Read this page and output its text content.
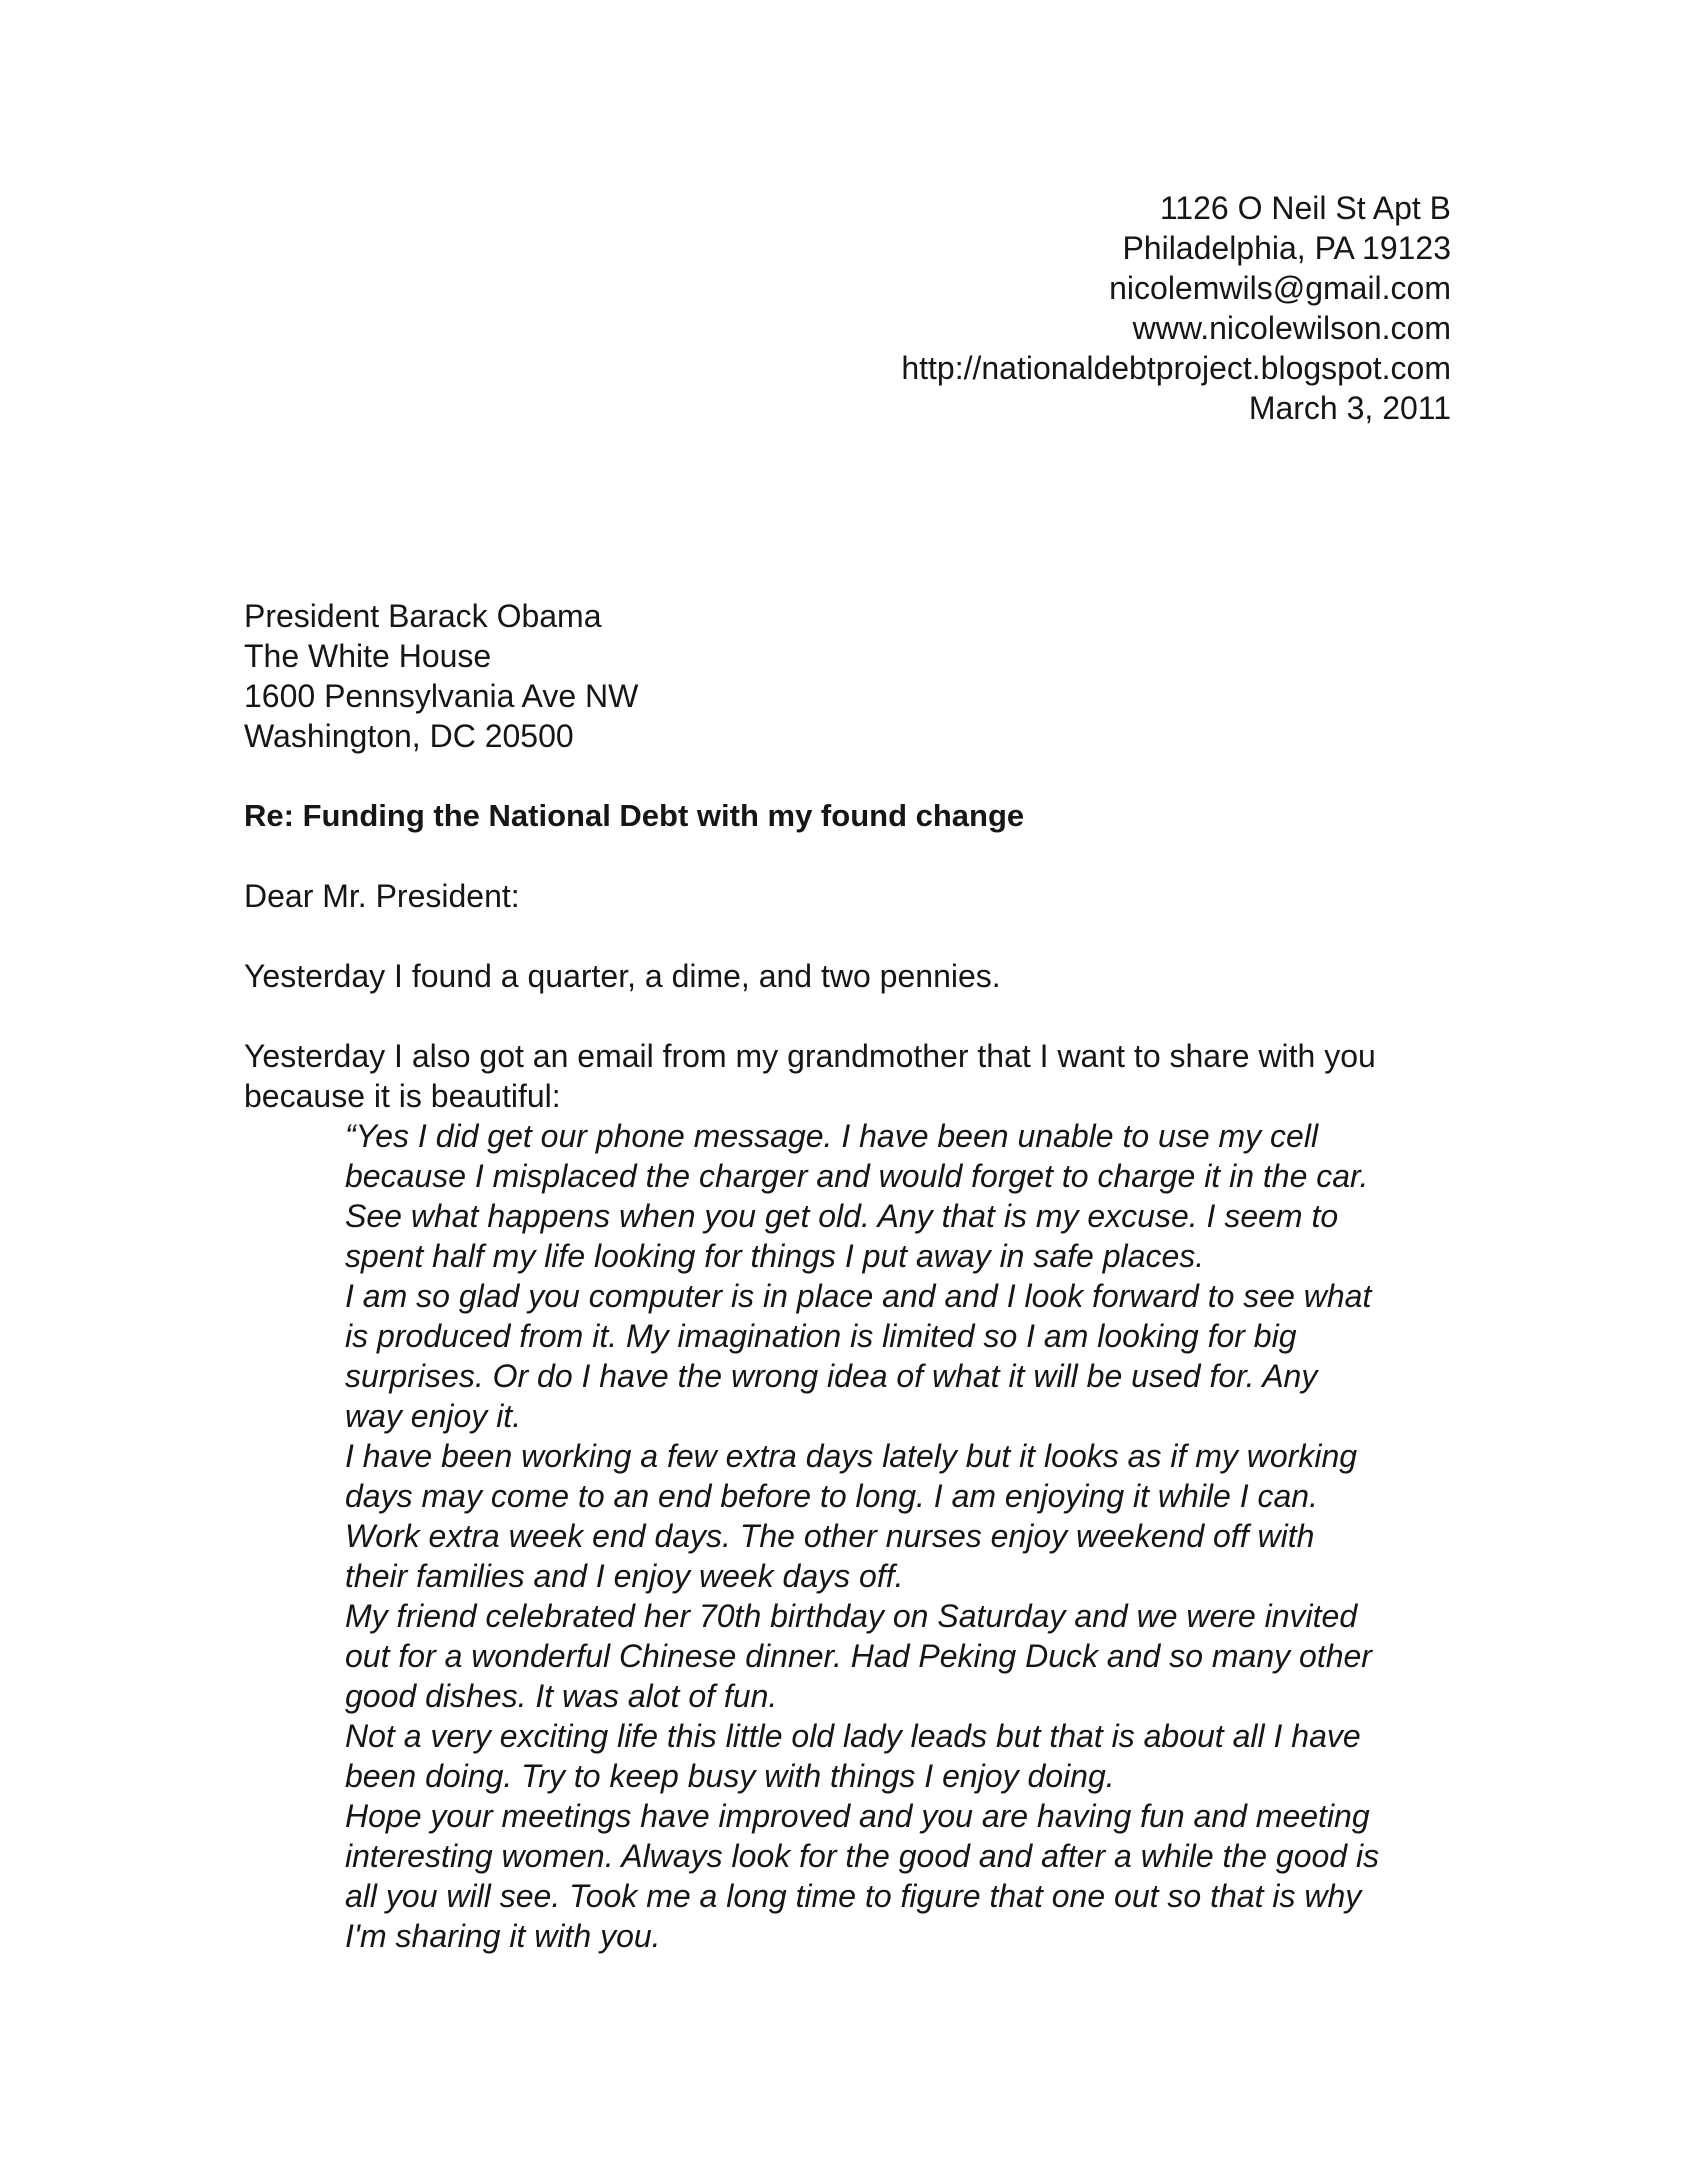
1126 O Neil St Apt B
Philadelphia, PA 19123
nicolemwils@gmail.com
www.nicolewilson.com
http://nationaldebtproject.blogspot.com
March 3, 2011
President Barack Obama
The White House
1600 Pennsylvania Ave NW
Washington, DC 20500
Re: Funding the National Debt with my found change
Dear Mr. President:
Yesterday I found a quarter, a dime, and two pennies.
Yesterday I also got an email from my grandmother that I want to share with you
because it is beautiful:
“Yes I did get our phone message. I have been unable to use my cell
because I misplaced the charger and would forget to charge it in the car.
See what happens when you get old. Any that is my excuse. I seem to
spent half my life looking for things I put away in safe places.
I am so glad you computer is in place and and I look forward to see what
is produced from it. My imagination is limited so I am looking for big
surprises. Or do I have the wrong idea of what it will be used for. Any
way enjoy it.
I have been working a few extra days lately but it looks as if my working
days may come to an end before to long. I am enjoying it while I can.
Work extra week end days. The other nurses enjoy weekend off with
their families and I enjoy week days off.
My friend celebrated her 70th birthday on Saturday and we were invited
out for a wonderful Chinese dinner. Had Peking Duck and so many other
good dishes. It was alot of fun.
Not a very exciting life this little old lady leads but that is about all I have
been doing. Try to keep busy with things I enjoy doing.
Hope your meetings have improved and you are having fun and meeting
interesting women. Always look for the good and after a while the good is
all you will see. Took me a long time to figure that one out so that is why
I'm sharing it with you.
